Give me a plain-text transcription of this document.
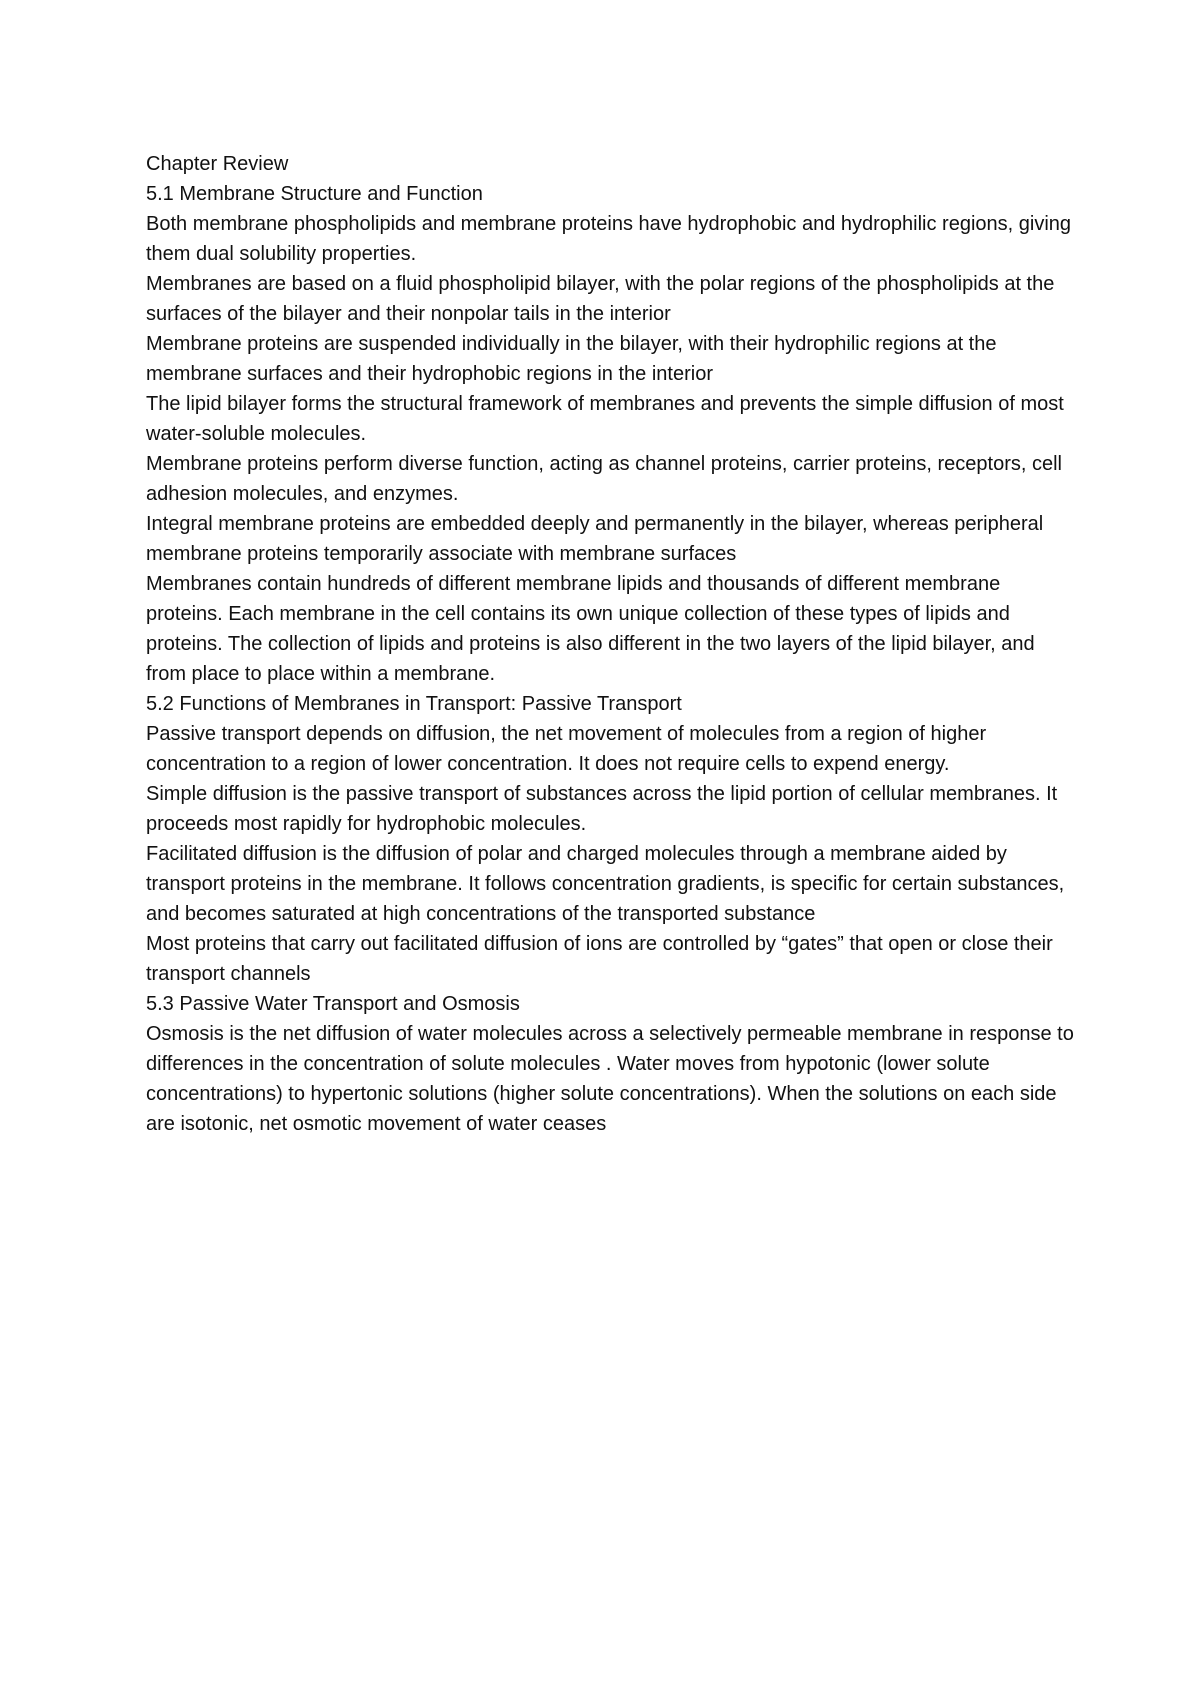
Chapter Review

5.1 Membrane Structure and Function

Both membrane phospholipids and membrane proteins have hydrophobic and hydrophilic regions, giving them dual solubility properties.

Membranes are based on a fluid phospholipid bilayer, with the polar regions of the phospholipids at the surfaces of the bilayer and their nonpolar tails in the interior

Membrane proteins are suspended individually in the bilayer, with their hydrophilic regions at the membrane surfaces and their hydrophobic regions in the interior

The lipid bilayer forms the structural framework of membranes and prevents the simple diffusion of most water-soluble molecules.

Membrane proteins perform diverse function, acting as channel proteins, carrier proteins, receptors, cell adhesion molecules, and enzymes.

Integral membrane proteins are embedded deeply and permanently in the bilayer, whereas peripheral membrane proteins temporarily associate with membrane surfaces

Membranes contain hundreds of different membrane lipids and thousands of different membrane proteins. Each membrane in the cell contains its own unique collection of these types of lipids and proteins. The collection of lipids and proteins is also different in the two layers of the lipid bilayer, and from place to place within a membrane.

5.2 Functions of Membranes in Transport: Passive Transport

Passive transport depends on diffusion, the net movement of molecules from a region of higher concentration to a region of lower concentration. It does not require cells to expend energy.

Simple diffusion is the passive transport of substances across the lipid portion of cellular membranes. It proceeds most rapidly for hydrophobic molecules.

Facilitated diffusion is the diffusion of polar and charged molecules through a membrane aided by transport proteins in the membrane. It follows concentration gradients, is specific for certain substances, and becomes saturated at high concentrations of the transported substance

Most proteins that carry out facilitated diffusion of ions are controlled by “gates” that open or close their transport channels

5.3 Passive Water Transport and Osmosis

Osmosis is the net diffusion of water molecules across a selectively permeable membrane in response to differences in the concentration of solute molecules . Water moves from hypotonic (lower solute concentrations) to hypertonic solutions (higher solute concentrations). When the solutions on each side are isotonic, net osmotic movement of water ceases
